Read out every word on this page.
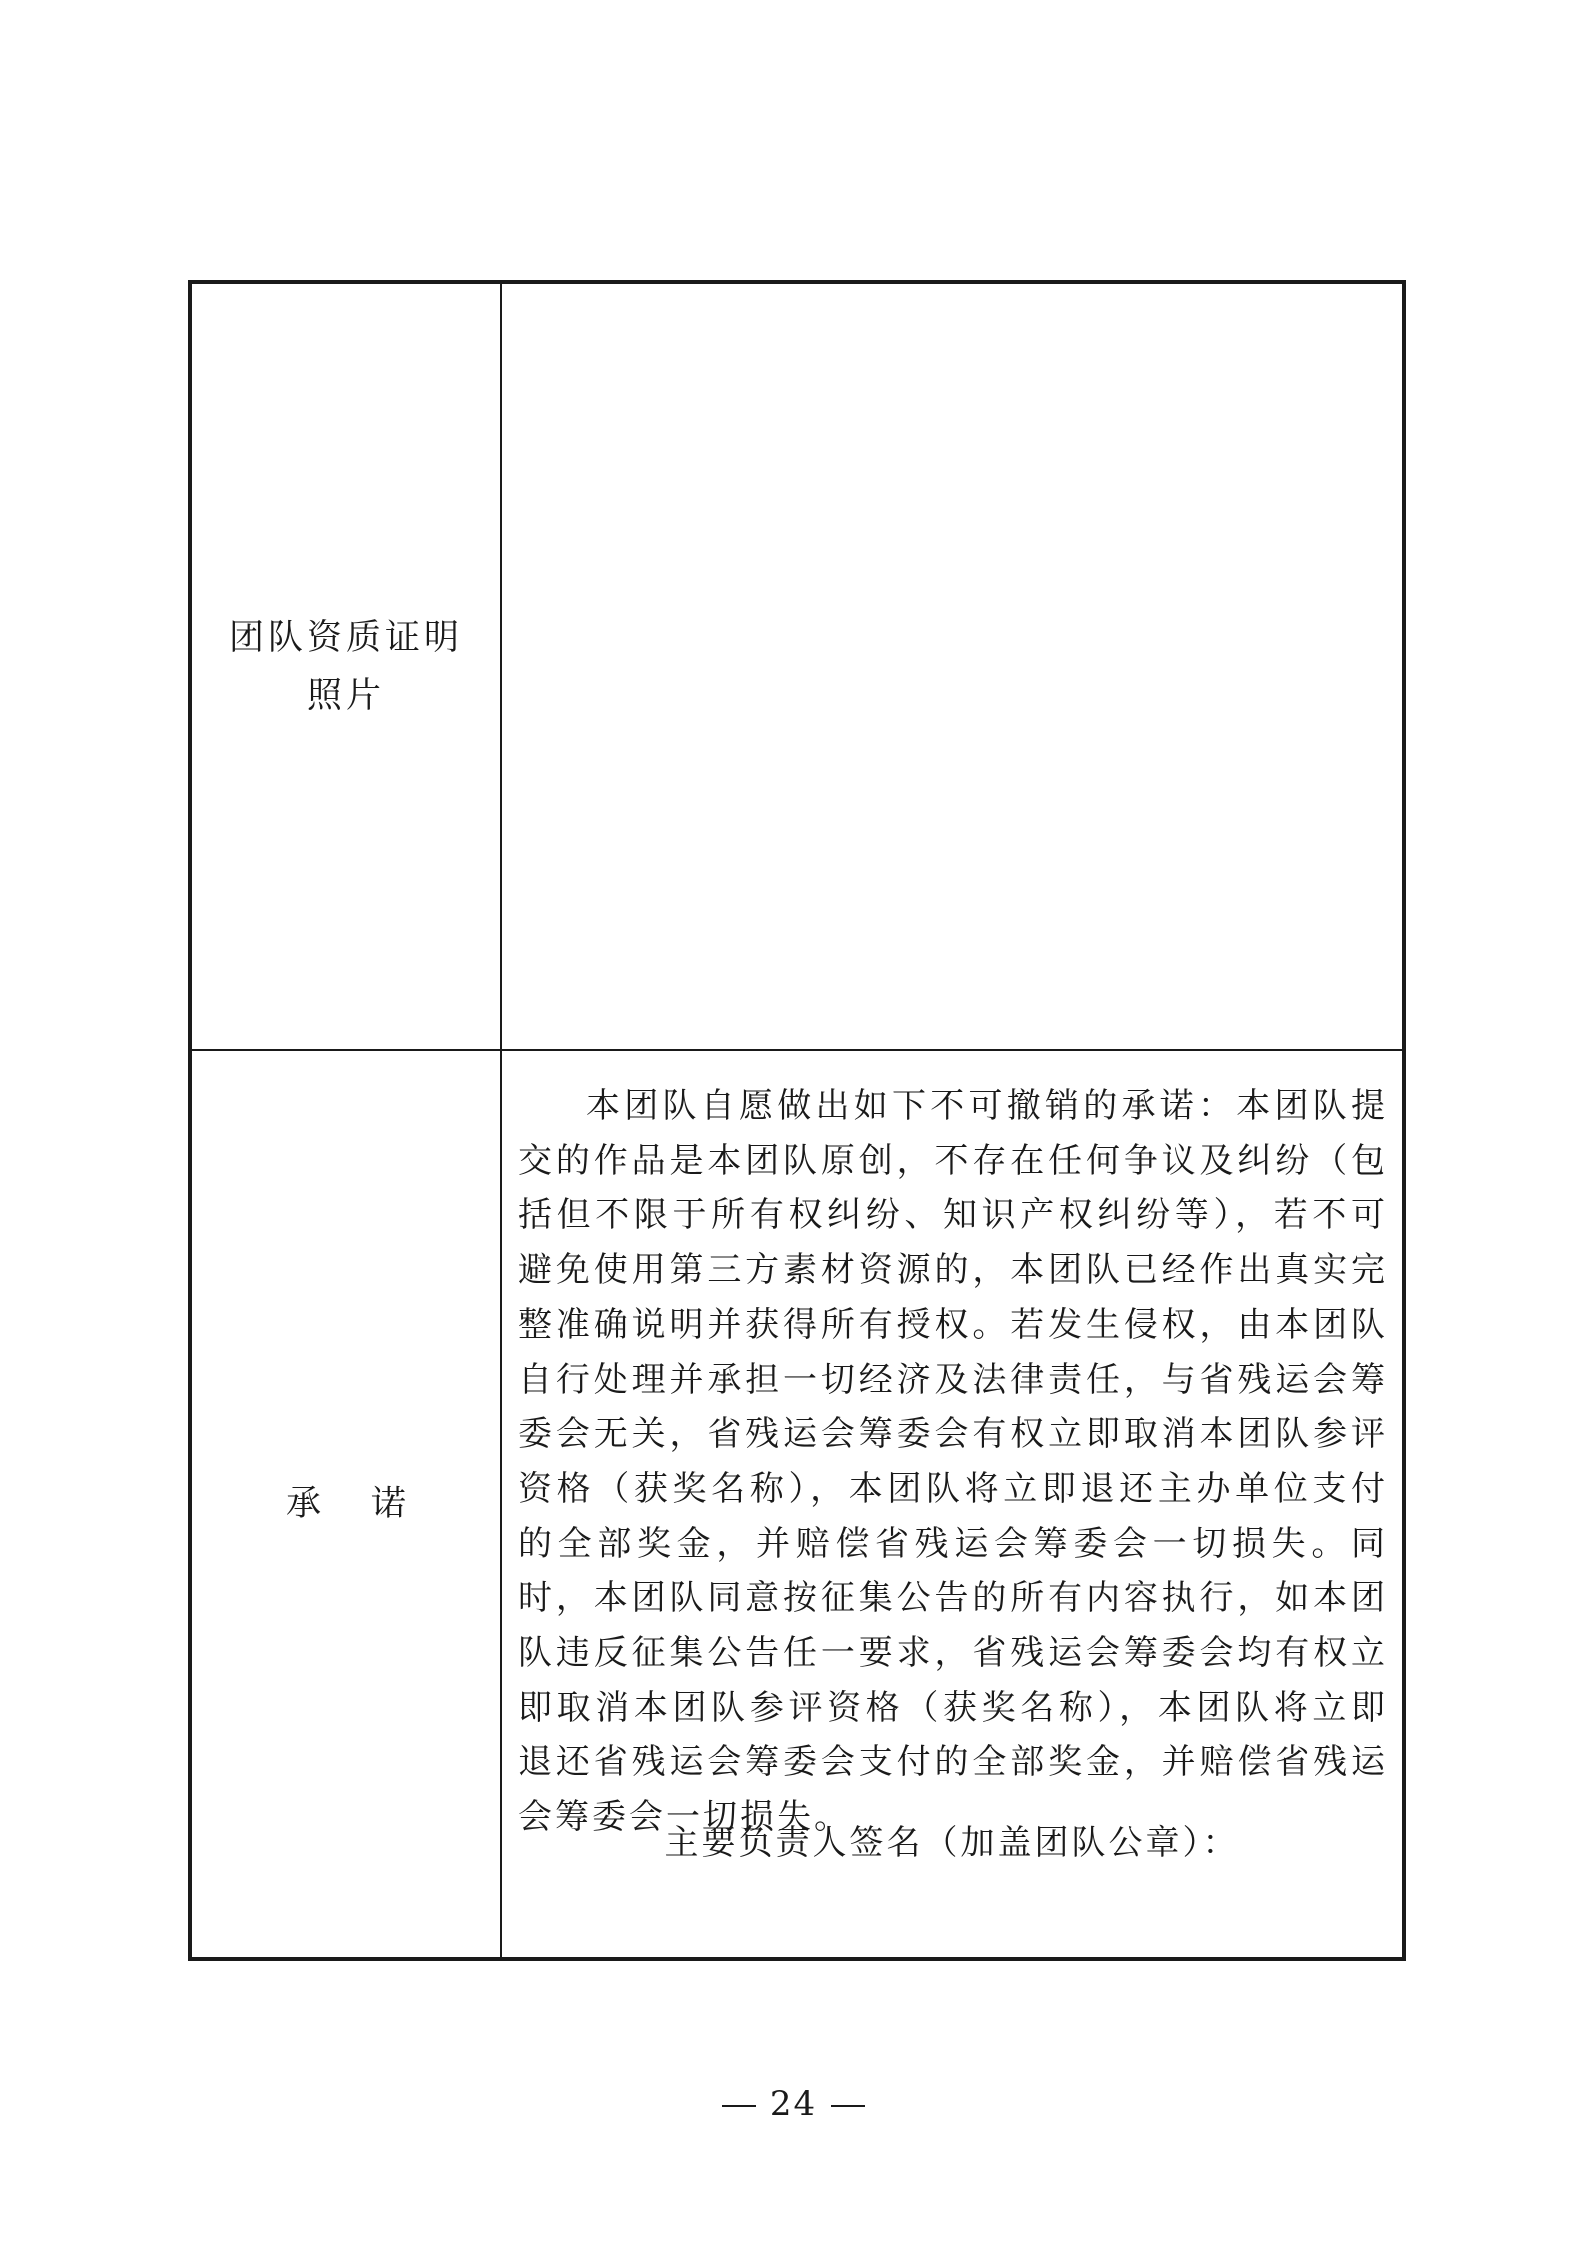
团队资质证明
照片	

承诺	本团队自愿做出如下不可撤销的承诺：本团队提交的作品是本团队原创，不存在任何争议及纠纷（包括但不限于所有权纠纷、知识产权纠纷等），若不可避免使用第三方素材资源的，本团队已经作出真实完整准确说明并获得所有授权。若发生侵权，由本团队自行处理并承担一切经济及法律责任，与省残运会筹委会无关，省残运会筹委会有权立即取消本团队参评资格（获奖名称），本团队将立即退还主办单位支付的全部奖金，并赔偿省残运会筹委会一切损失。同时，本团队同意按征集公告的所有内容执行，如本团队违反征集公告任一要求，省残运会筹委会均有权立即取消本团队参评资格（获奖名称），本团队将立即退还省残运会筹委会支付的全部奖金，并赔偿省残运会筹委会一切损失。

主要负责人签名（加盖团队公章）：
24
